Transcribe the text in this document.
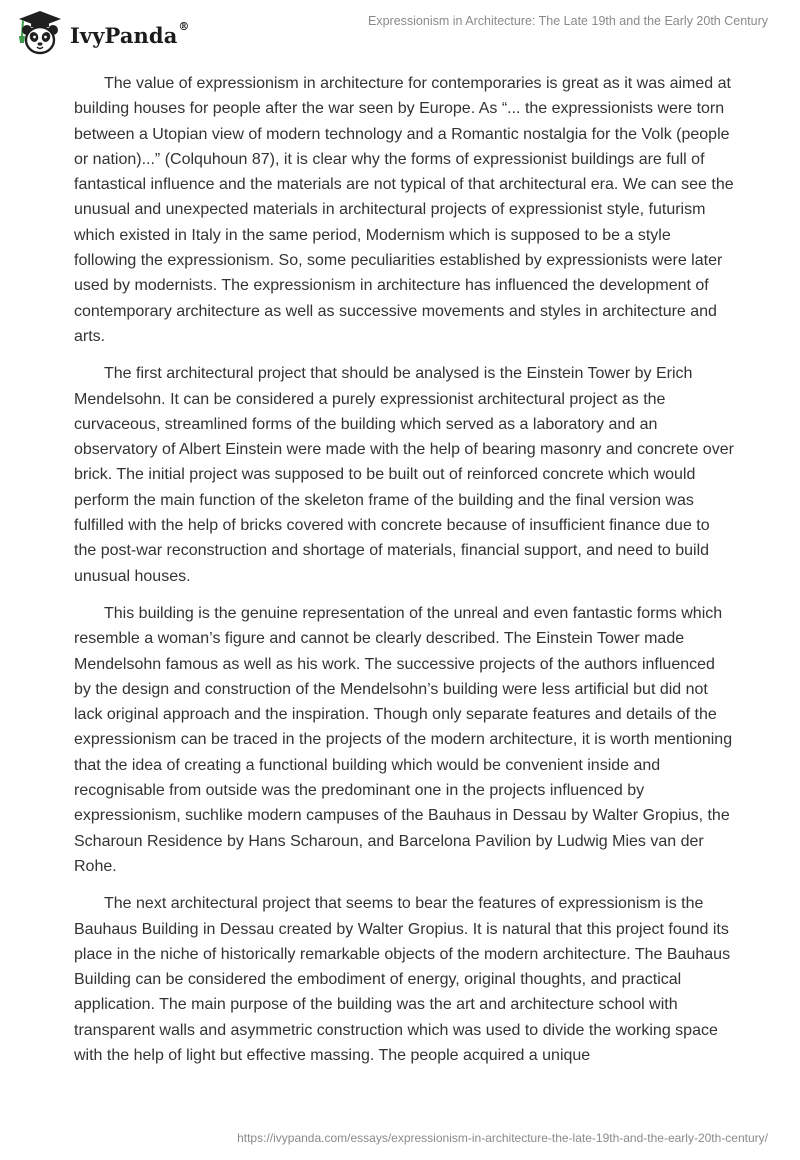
IvyPanda®	Expressionism in Architecture: The Late 19th and the Early 20th Century

The value of expressionism in architecture for contemporaries is great as it was aimed at building houses for people after the war seen by Europe. As “... the expressionists were torn between a Utopian view of modern technology and a Romantic nostalgia for the Volk (people or nation)...” (Colquhoun 87), it is clear why the forms of expressionist buildings are full of fantastical influence and the materials are not typical of that architectural era. We can see the unusual and unexpected materials in architectural projects of expressionist style, futurism which existed in Italy in the same period, Modernism which is supposed to be a style following the expressionism. So, some peculiarities established by expressionists were later used by modernists. The expressionism in architecture has influenced the development of contemporary architecture as well as successive movements and styles in architecture and arts.

The first architectural project that should be analysed is the Einstein Tower by Erich Mendelsohn. It can be considered a purely expressionist architectural project as the curvaceous, streamlined forms of the building which served as a laboratory and an observatory of Albert Einstein were made with the help of bearing masonry and concrete over brick. The initial project was supposed to be built out of reinforced concrete which would perform the main function of the skeleton frame of the building and the final version was fulfilled with the help of bricks covered with concrete because of insufficient finance due to the post-war reconstruction and shortage of materials, financial support, and need to build unusual houses.

This building is the genuine representation of the unreal and even fantastic forms which resemble a woman’s figure and cannot be clearly described. The Einstein Tower made Mendelsohn famous as well as his work. The successive projects of the authors influenced by the design and construction of the Mendelsohn’s building were less artificial but did not lack original approach and the inspiration. Though only separate features and details of the expressionism can be traced in the projects of the modern architecture, it is worth mentioning that the idea of creating a functional building which would be convenient inside and recognisable from outside was the predominant one in the projects influenced by expressionism, suchlike modern campuses of the Bauhaus in Dessau by Walter Gropius, the Scharoun Residence by Hans Scharoun, and Barcelona Pavilion by Ludwig Mies van der Rohe.

The next architectural project that seems to bear the features of expressionism is the Bauhaus Building in Dessau created by Walter Gropius. It is natural that this project found its place in the niche of historically remarkable objects of the modern architecture. The Bauhaus Building can be considered the embodiment of energy, original thoughts, and practical application. The main purpose of the building was the art and architecture school with transparent walls and asymmetric construction which was used to divide the working space with the help of light but effective massing. The people acquired a unique

https://ivypanda.com/essays/expressionism-in-architecture-the-late-19th-and-the-early-20th-century/
